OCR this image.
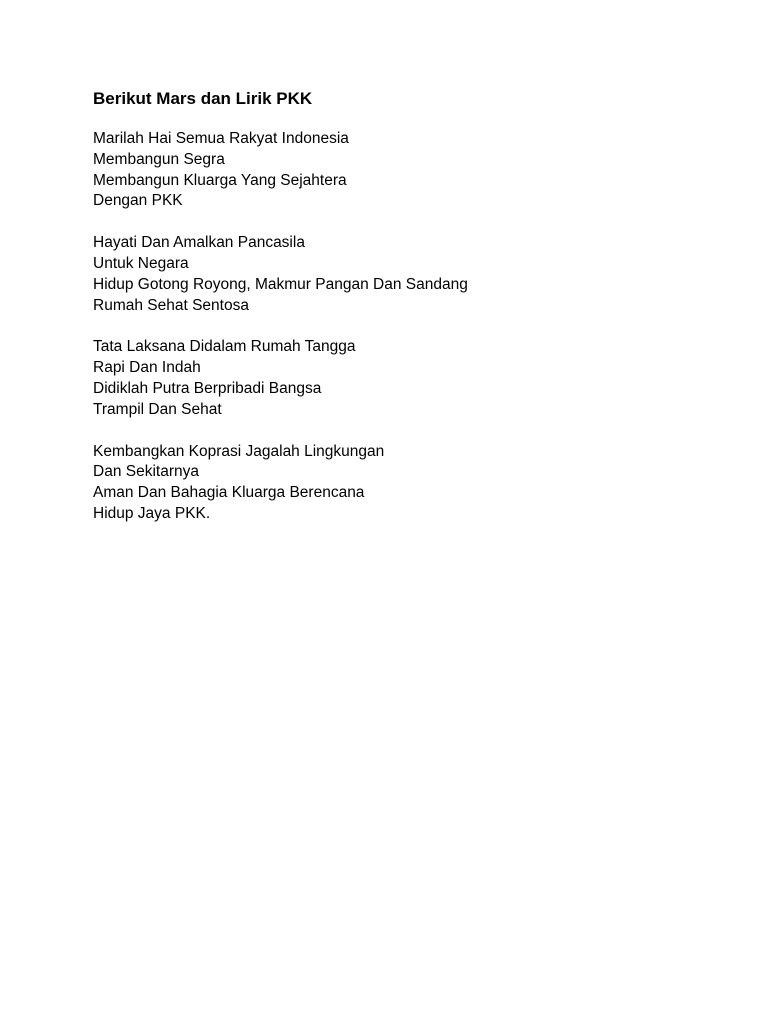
Berikut Mars dan Lirik PKK
Marilah Hai Semua Rakyat Indonesia
Membangun Segra
Membangun Kluarga Yang Sejahtera
Dengan PKK
Hayati Dan Amalkan Pancasila
Untuk Negara
Hidup Gotong Royong, Makmur Pangan Dan Sandang
Rumah Sehat Sentosa
Tata Laksana Didalam Rumah Tangga
Rapi Dan Indah
Didiklah Putra Berpribadi Bangsa
Trampil Dan Sehat
Kembangkan Koprasi Jagalah Lingkungan
Dan Sekitarnya
Aman Dan Bahagia Kluarga Berencana
Hidup Jaya PKK.
